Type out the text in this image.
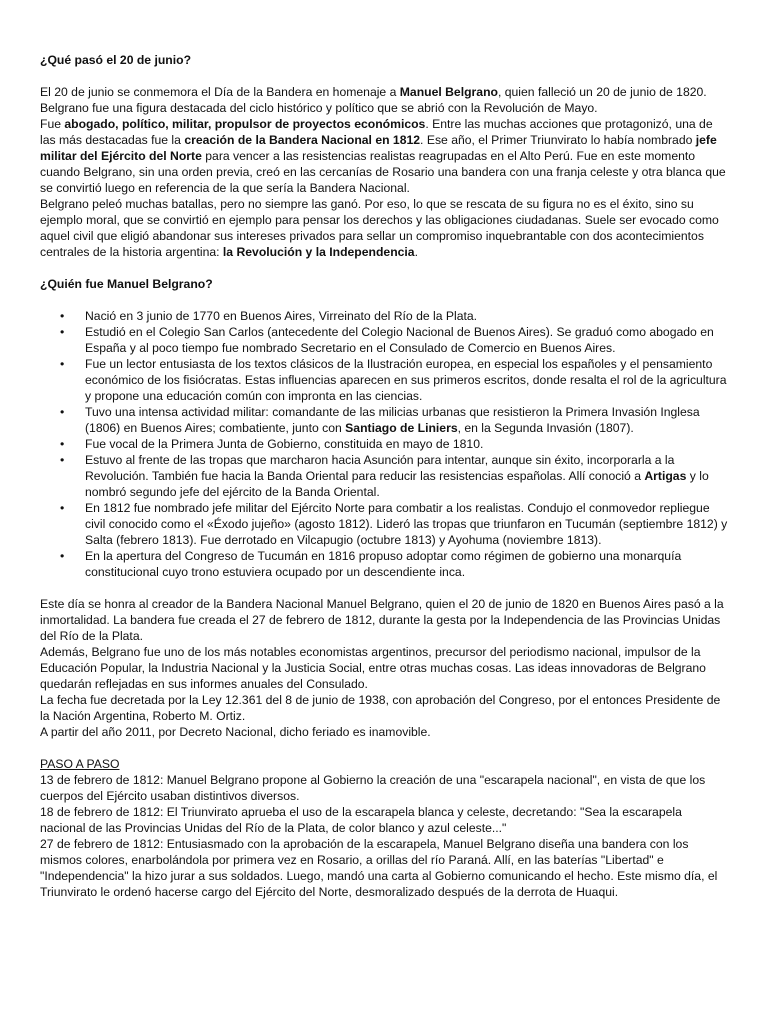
¿Qué pasó el 20 de junio?

El 20 de junio se conmemora el Día de la Bandera en homenaje a Manuel Belgrano, quien falleció un 20 de junio de 1820. Belgrano fue una figura destacada del ciclo histórico y político que se abrió con la Revolución de Mayo.

Fue abogado, político, militar, propulsor de proyectos económicos. Entre las muchas acciones que protagonizó, una de las más destacadas fue la creación de la Bandera Nacional en 1812. Ese año, el Primer Triunvirato lo había nombrado jefe militar del Ejército del Norte para vencer a las resistencias realistas reagrupadas en el Alto Perú. Fue en este momento cuando Belgrano, sin una orden previa, creó en las cercanías de Rosario una bandera con una franja celeste y otra blanca que se convirtió luego en referencia de la que sería la Bandera Nacional.

Belgrano peleó muchas batallas, pero no siempre las ganó. Por eso, lo que se rescata de su figura no es el éxito, sino su ejemplo moral, que se convirtió en ejemplo para pensar los derechos y las obligaciones ciudadanas. Suele ser evocado como aquel civil que eligió abandonar sus intereses privados para sellar un compromiso inquebrantable con dos acontecimientos centrales de la historia argentina: la Revolución y la Independencia.

¿Quién fue Manuel Belgrano?
• Nació en 3 junio de 1770 en Buenos Aires, Virreinato del Río de la Plata.
• Estudió en el Colegio San Carlos (antecedente del Colegio Nacional de Buenos Aires). Se graduó como abogado en España y al poco tiempo fue nombrado Secretario en el Consulado de Comercio en Buenos Aires.
• Fue un lector entusiasta de los textos clásicos de la Ilustración europea, en especial los españoles y el pensamiento económico de los fisiócratas. Estas influencias aparecen en sus primeros escritos, donde resalta el rol de la agricultura y propone una educación común con impronta en las ciencias.
• Tuvo una intensa actividad militar: comandante de las milicias urbanas que resistieron la Primera Invasión Inglesa (1806) en Buenos Aires; combatiente, junto con Santiago de Liniers, en la Segunda Invasión (1807).
• Fue vocal de la Primera Junta de Gobierno, constituida en mayo de 1810.
• Estuvo al frente de las tropas que marcharon hacia Asunción para intentar, aunque sin éxito, incorporarla a la Revolución. También fue hacia la Banda Oriental para reducir las resistencias españolas. Allí conoció a Artigas y lo nombró segundo jefe del ejército de la Banda Oriental.
• En 1812 fue nombrado jefe militar del Ejército Norte para combatir a los realistas. Condujo el conmovedor repliegue civil conocido como el «Éxodo jujeño» (agosto 1812). Lideró las tropas que triunfaron en Tucumán (septiembre 1812) y Salta (febrero 1813). Fue derrotado en Vilcapugio (octubre 1813) y Ayohuma (noviembre 1813).
• En la apertura del Congreso de Tucumán en 1816 propuso adoptar como régimen de gobierno una monarquía constitucional cuyo trono estuviera ocupado por un descendiente inca.

Este día se honra al creador de la Bandera Nacional Manuel Belgrano, quien el 20 de junio de 1820 en Buenos Aires pasó a la inmortalidad. La bandera fue creada el 27 de febrero de 1812, durante la gesta por la Independencia de las Provincias Unidas del Río de la Plata.

Además, Belgrano fue uno de los más notables economistas argentinos, precursor del periodismo nacional, impulsor de la Educación Popular, la Industria Nacional y la Justicia Social, entre otras muchas cosas. Las ideas innovadoras de Belgrano quedarán reflejadas en sus informes anuales del Consulado.

La fecha fue decretada por la Ley 12.361 del 8 de junio de 1938, con aprobación del Congreso, por el entonces Presidente de la Nación Argentina, Roberto M. Ortiz.

A partir del año 2011, por Decreto Nacional, dicho feriado es inamovible.

PASO A PASO

13 de febrero de 1812: Manuel Belgrano propone al Gobierno la creación de una "escarapela nacional", en vista de que los cuerpos del Ejército usaban distintivos diversos.

18 de febrero de 1812: El Triunvirato aprueba el uso de la escarapela blanca y celeste, decretando: "Sea la escarapela nacional de las Provincias Unidas del Río de la Plata, de color blanco y azul celeste..."

27 de febrero de 1812: Entusiasmado con la aprobación de la escarapela, Manuel Belgrano diseña una bandera con los mismos colores, enarbolándola por primera vez en Rosario, a orillas del río Paraná. Allí, en las baterías "Libertad" e "Independencia" la hizo jurar a sus soldados. Luego, mandó una carta al Gobierno comunicando el hecho. Este mismo día, el Triunvirato le ordenó hacerse cargo del Ejército del Norte, desmoralizado después de la derrota de Huaqui.
